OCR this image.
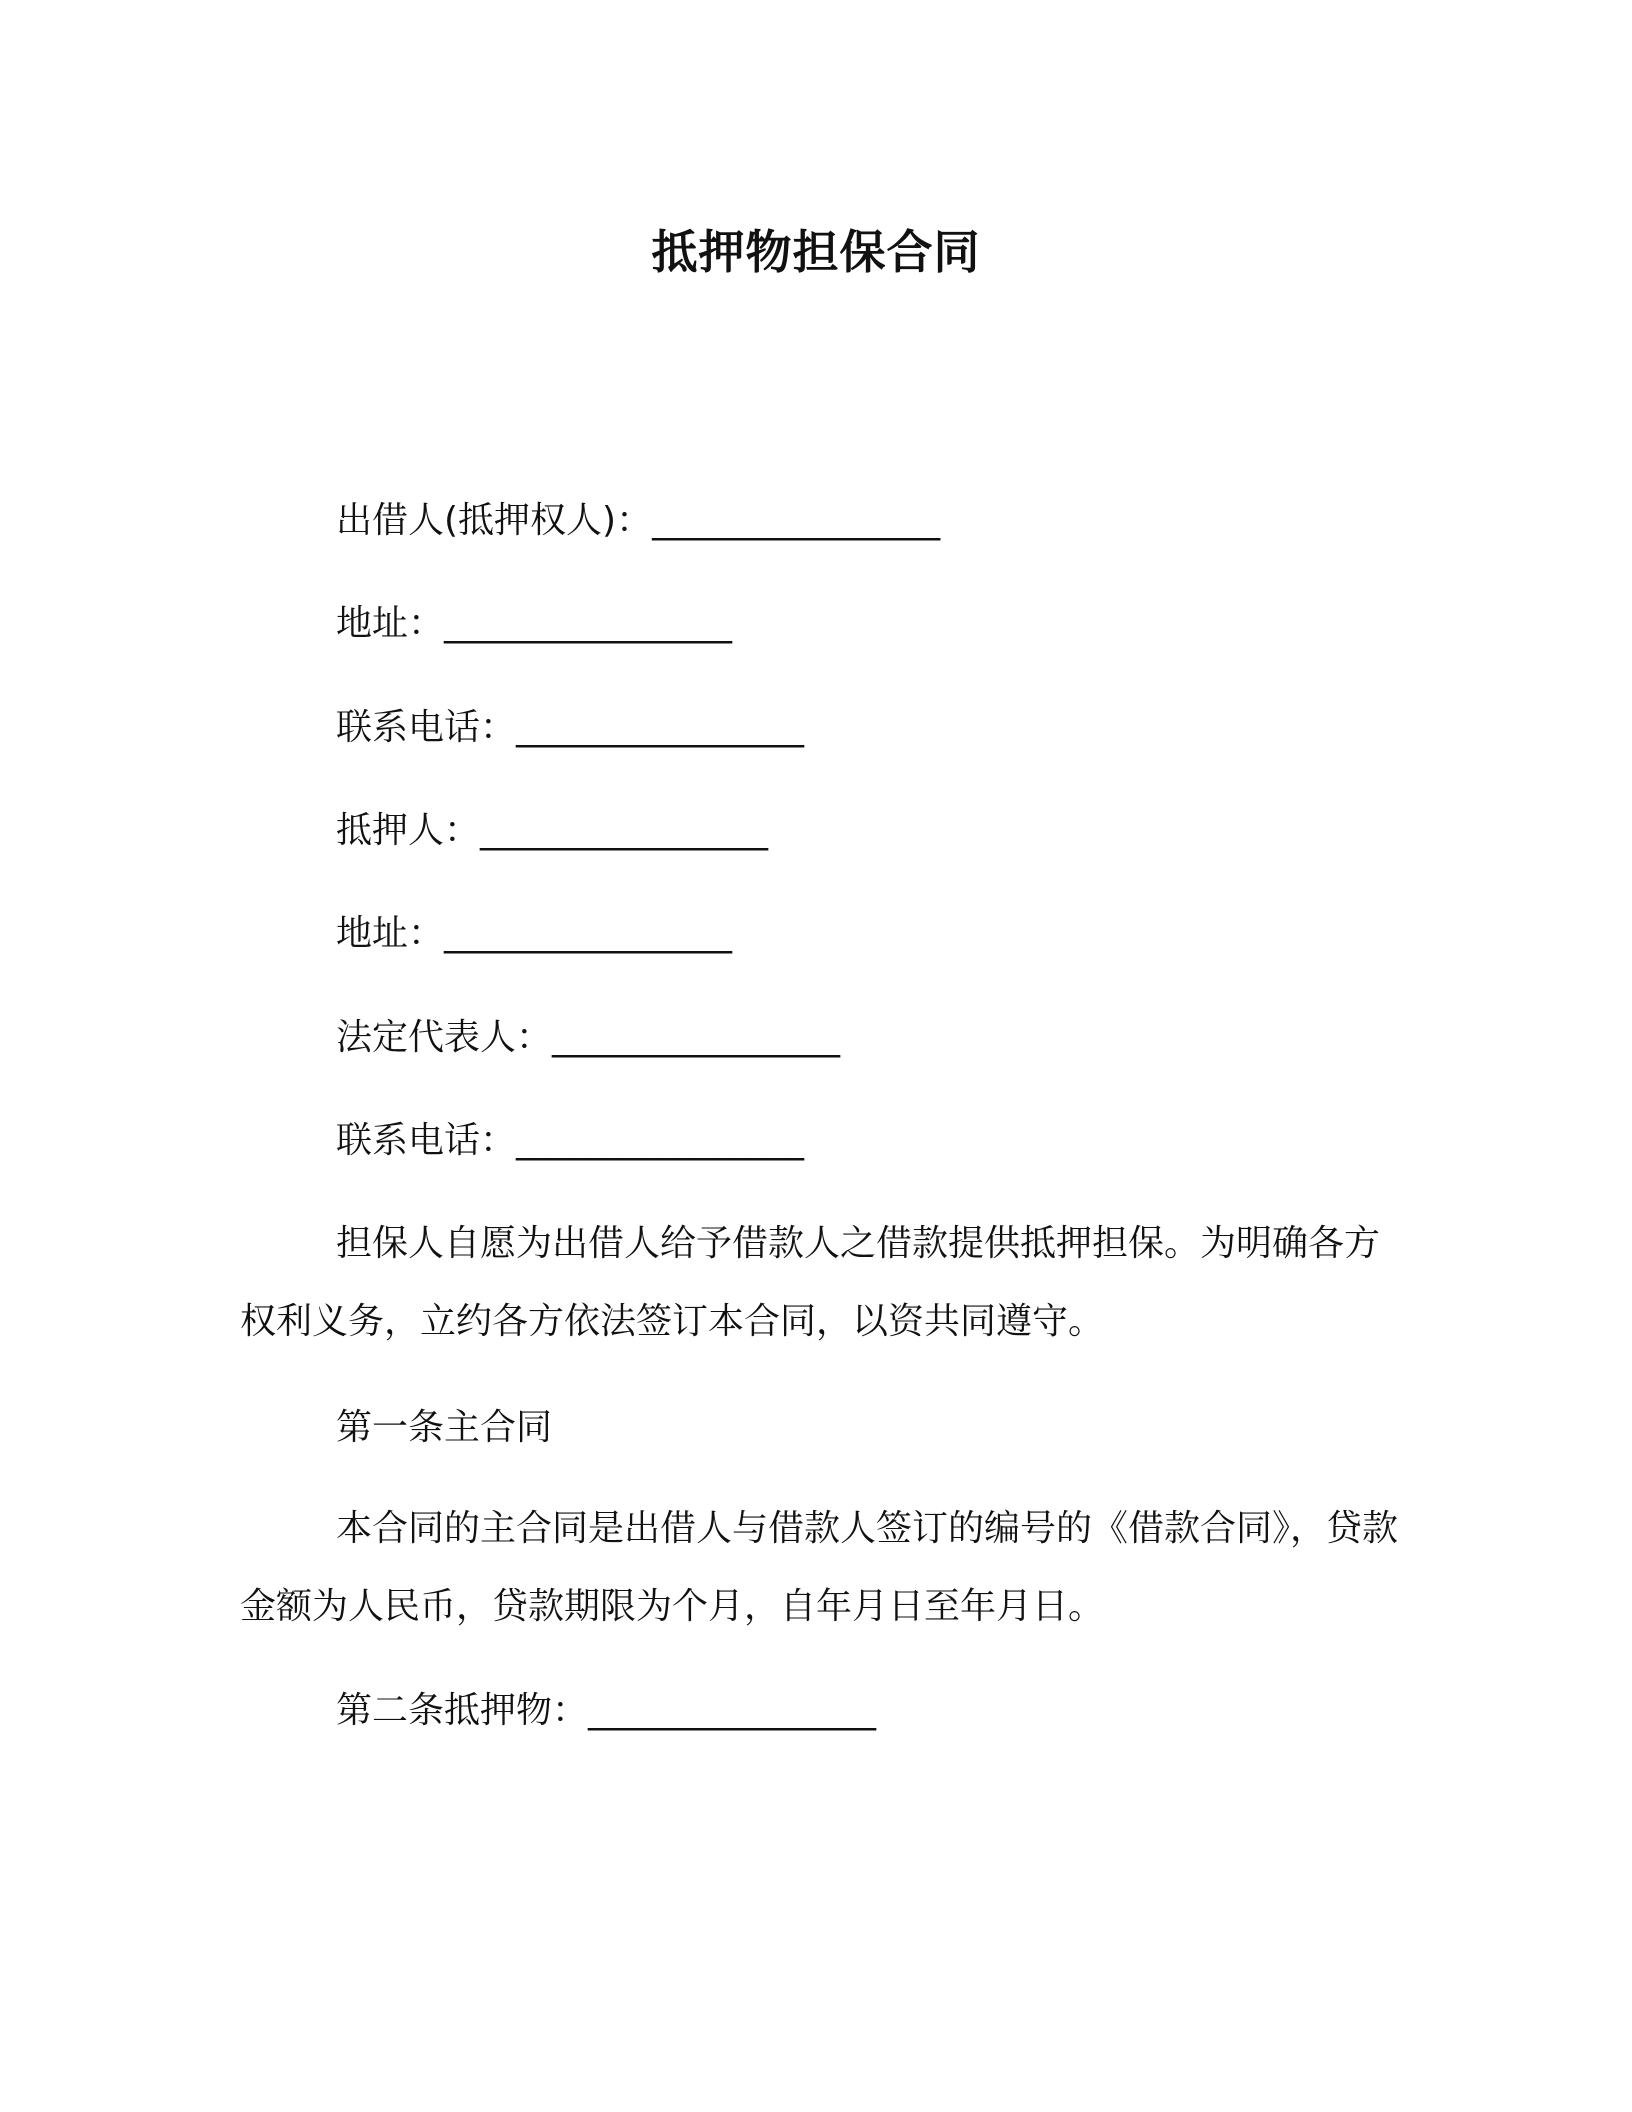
抵押物担保合同
出借人(抵押权人)：________________
地址：________________
联系电话：________________
抵押人：________________
地址：________________
法定代表人：________________
联系电话：________________
担保人自愿为出借人给予借款人之借款提供抵押担保。为明确各方权利义务，立约各方依法签订本合同，以资共同遵守。
第一条主合同
本合同的主合同是出借人与借款人签订的编号的《借款合同》，贷款金额为人民币，贷款期限为个月，自年月日至年月日。
第二条抵押物：________________
